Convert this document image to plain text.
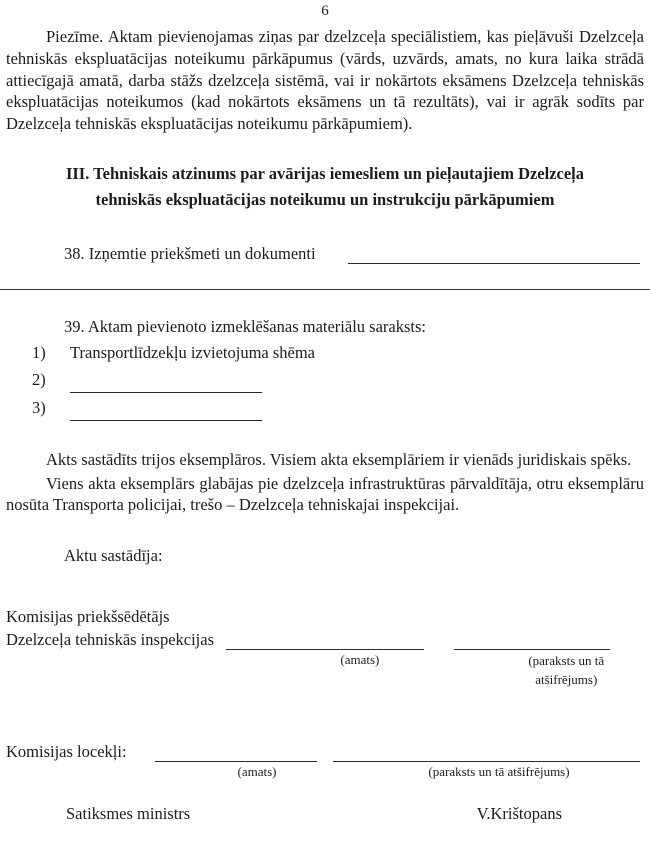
6

Piezīme. Aktam pievienojamas ziņas par dzelzceļa speciālistiem, kas pieļāvuši Dzelzceļa tehniskās ekspluatācijas noteikumu pārkāpumus (vārds, uzvārds, amats, no kura laika strādā attiecīgajā amatā, darba stāžs dzelzceļa sistēmā, vai ir nokārtots eksāmens Dzelzceļa tehniskās ekspluatācijas noteikumos (kad nokārtots eksāmens un tā rezultāts), vai ir agrāk sodīts par Dzelzceļa tehniskās ekspluatācijas noteikumu pārkāpumiem).

III. Tehniskais atzinums par avārijas iemesliem un pieļautajiem Dzelzceļa tehniskās ekspluatācijas noteikumu un instrukciju pārkāpumiem
38. Izņemtie priekšmeti un dokumenti
39. Aktam pievienoto izmeklēšanas materiālu saraksts:
1)	Transportlīdzekļu izvietojuma shēma
2)
3)

Akts sastādīts trijos eksemplāros. Visiem akta eksemplāriem ir vienāds juridiskais spēks.

Viens akta eksemplārs glabājas pie dzelzceļa infrastruktūras pārvaldītāja, otru eksemplāru nosūta Transporta policijai, trešo – Dzelzceļa tehniskajai inspekcijai.

Aktu sastādīja:
Komisijas priekšsēdētājs
Dzelzceļa tehniskās inspekcijas
(amats)	(paraksts un tā atšifrējums)
Komisijas locekļi:
(amats)	(paraksts un tā atšifrējums)
Satiksmes ministrs	V.Krištopans
